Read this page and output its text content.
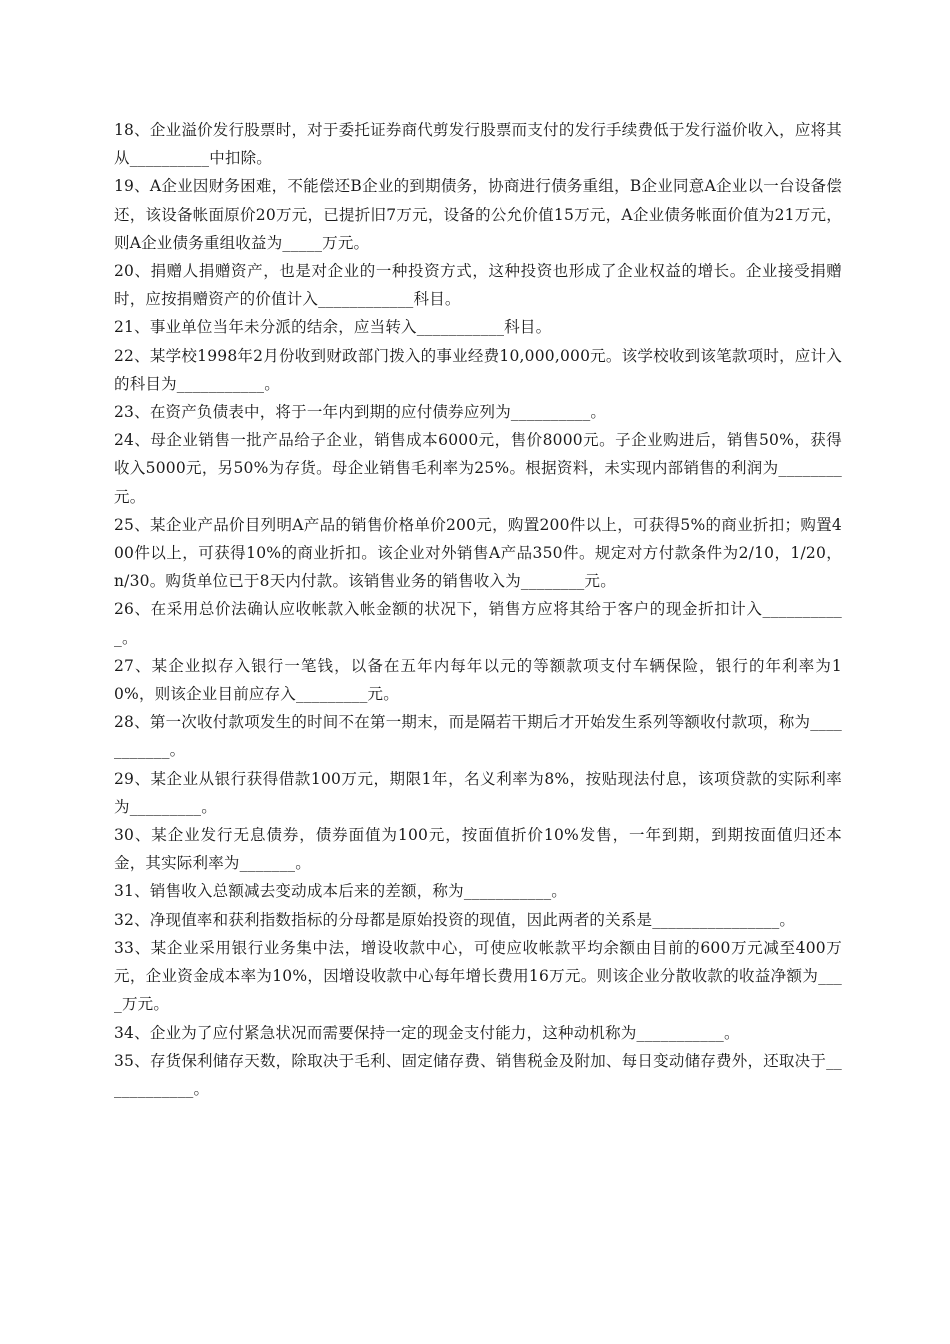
18、企业溢价发行股票时，对于委托证券商代剪发行股票而支付的发行手续费低于发行溢价收入，应将其从__________中扣除。

19、A企业因财务困难，不能偿还B企业的到期债务，协商进行债务重组，B企业同意A企业以一台设备偿还，该设备帐面原价20万元，已提折旧7万元，设备的公允价值15万元，A企业债务帐面价值为21万元，则A企业债务重组收益为_____万元。

20、捐赠人捐赠资产，也是对企业的一种投资方式，这种投资也形成了企业权益的增长。企业接受捐赠时，应按捐赠资产的价值计入____________科目。

21、事业单位当年未分派的结余，应当转入___________科目。

22、某学校1998年2月份收到财政部门拨入的事业经费10,000,000元。该学校收到该笔款项时，应计入的科目为___________。

23、在资产负债表中，将于一年内到期的应付债券应列为__________。

24、母企业销售一批产品给子企业，销售成本6000元，售价8000元。子企业购进后，销售50%，获得收入5000元，另50%为存货。母企业销售毛利率为25%。根据资料，未实现内部销售的利润为________元。

25、某企业产品价目列明A产品的销售价格单价200元，购置200件以上，可获得5%的商业折扣；购置400件以上，可获得10%的商业折扣。该企业对外销售A产品350件。规定对方付款条件为2/10，1/20，n/30。购货单位已于8天内付款。该销售业务的销售收入为________元。

26、在采用总价法确认应收帐款入帐金额的状况下，销售方应将其给于客户的现金折扣计入___________。

27、某企业拟存入银行一笔钱，以备在五年内每年以元的等额款项支付车辆保险，银行的年利率为10%，则该企业目前应存入_________元。

28、第一次收付款项发生的时间不在第一期末，而是隔若干期后才开始发生系列等额收付款项，称为___________。

29、某企业从银行获得借款100万元，期限1年，名义利率为8%，按贴现法付息，该项贷款的实际利率为_________。

30、某企业发行无息债券，债券面值为100元，按面值折价10%发售，一年到期，到期按面值归还本金，其实际利率为_______。

31、销售收入总额减去变动成本后来的差额，称为___________。

32、净现值率和获利指数指标的分母都是原始投资的现值，因此两者的关系是________________。

33、某企业采用银行业务集中法，增设收款中心，可使应收帐款平均余额由目前的600万元减至400万元，企业资金成本率为10%，因增设收款中心每年增长费用16万元。则该企业分散收款的收益净额为____万元。

34、企业为了应付紧急状况而需要保持一定的现金支付能力，这种动机称为___________。

35、存货保利储存天数，除取决于毛利、固定储存费、销售税金及附加、每日变动储存费外，还取决于____________。
